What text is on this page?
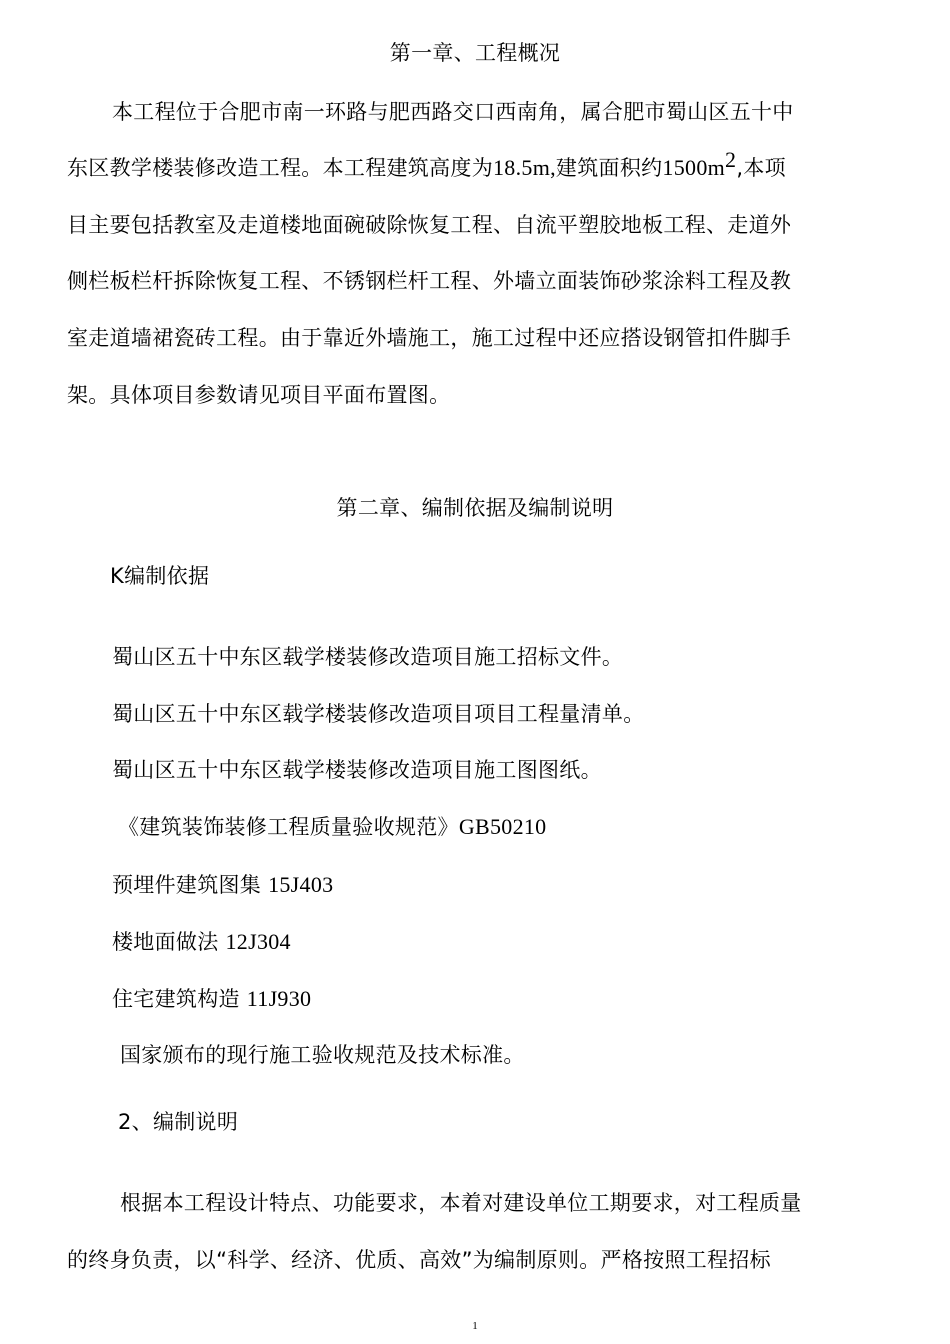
第一章、工程概况
本工程位于合肥市南一环路与肥西路交口西南角，属合肥市蜀山区五十中
东区教学楼装修改造工程。本工程建筑高度为18.5m,建筑面积约$1500m^2$,本项
目主要包括教室及走道楼地面碗破除恢复工程、自流平塑胶地板工程、走道外
侧栏板栏杆拆除恢复工程、不锈钢栏杆工程、外墙立面装饰砂浆涂料工程及教
室走道墙裙瓷砖工程。由于靠近外墙施工，施工过程中还应搭设钢管扣件脚手
架。具体项目参数请见项目平面布置图。
第二章、编制依据及编制说明
K编制依据
蜀山区五十中东区载学楼装修改造项目施工招标文件。
蜀山区五十中东区载学楼装修改造项目项目工程量清单。
蜀山区五十中东区载学楼装修改造项目施工图图纸。
《建筑装饰装修工程质量验收规范》GB50210
预埋件建筑图集 15J403
楼地面做法 12J304
住宅建筑构造 11J930
国家颁布的现行施工验收规范及技术标准。
2、编制说明
根据本工程设计特点、功能要求，本着对建设单位工期要求，对工程质量
的终身负责，以“科学、经济、优质、高效”为编制原则。严格按照工程招标
1
